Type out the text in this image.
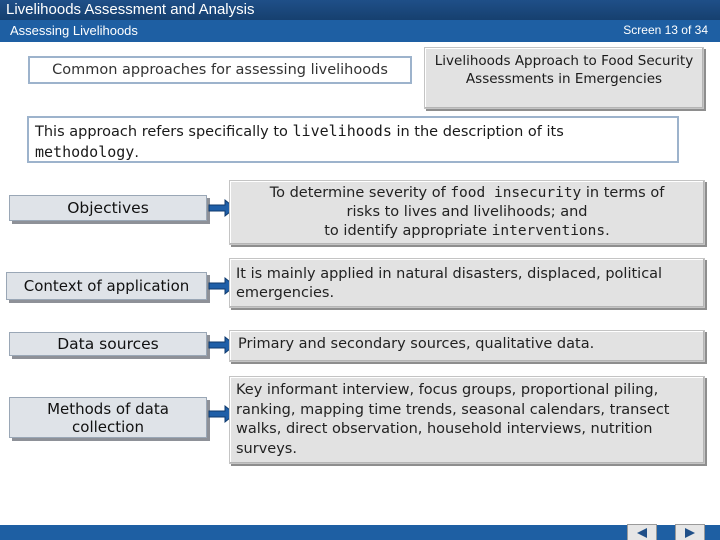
Livelihoods Assessment and Analysis
Assessing Livelihoods	Screen 13 of 34
Common approaches for assessing livelihoods
Livelihoods Approach to Food Security Assessments in Emergencies
This approach refers specifically to livelihoods in the description of its
methodology.
Objectives
To determine severity of food insecurity in terms of
risks to lives and livelihoods; and
to identify appropriate interventions.
Context of application
It is mainly applied in natural disasters, displaced, political emergencies.
Data sources	Primary and secondary sources, qualitative data.
Methods of data collection
Key informant interview, focus groups, proportional piling, ranking, mapping time trends, seasonal calendars, transect walks, direct observation, household interviews, nutrition surveys.
